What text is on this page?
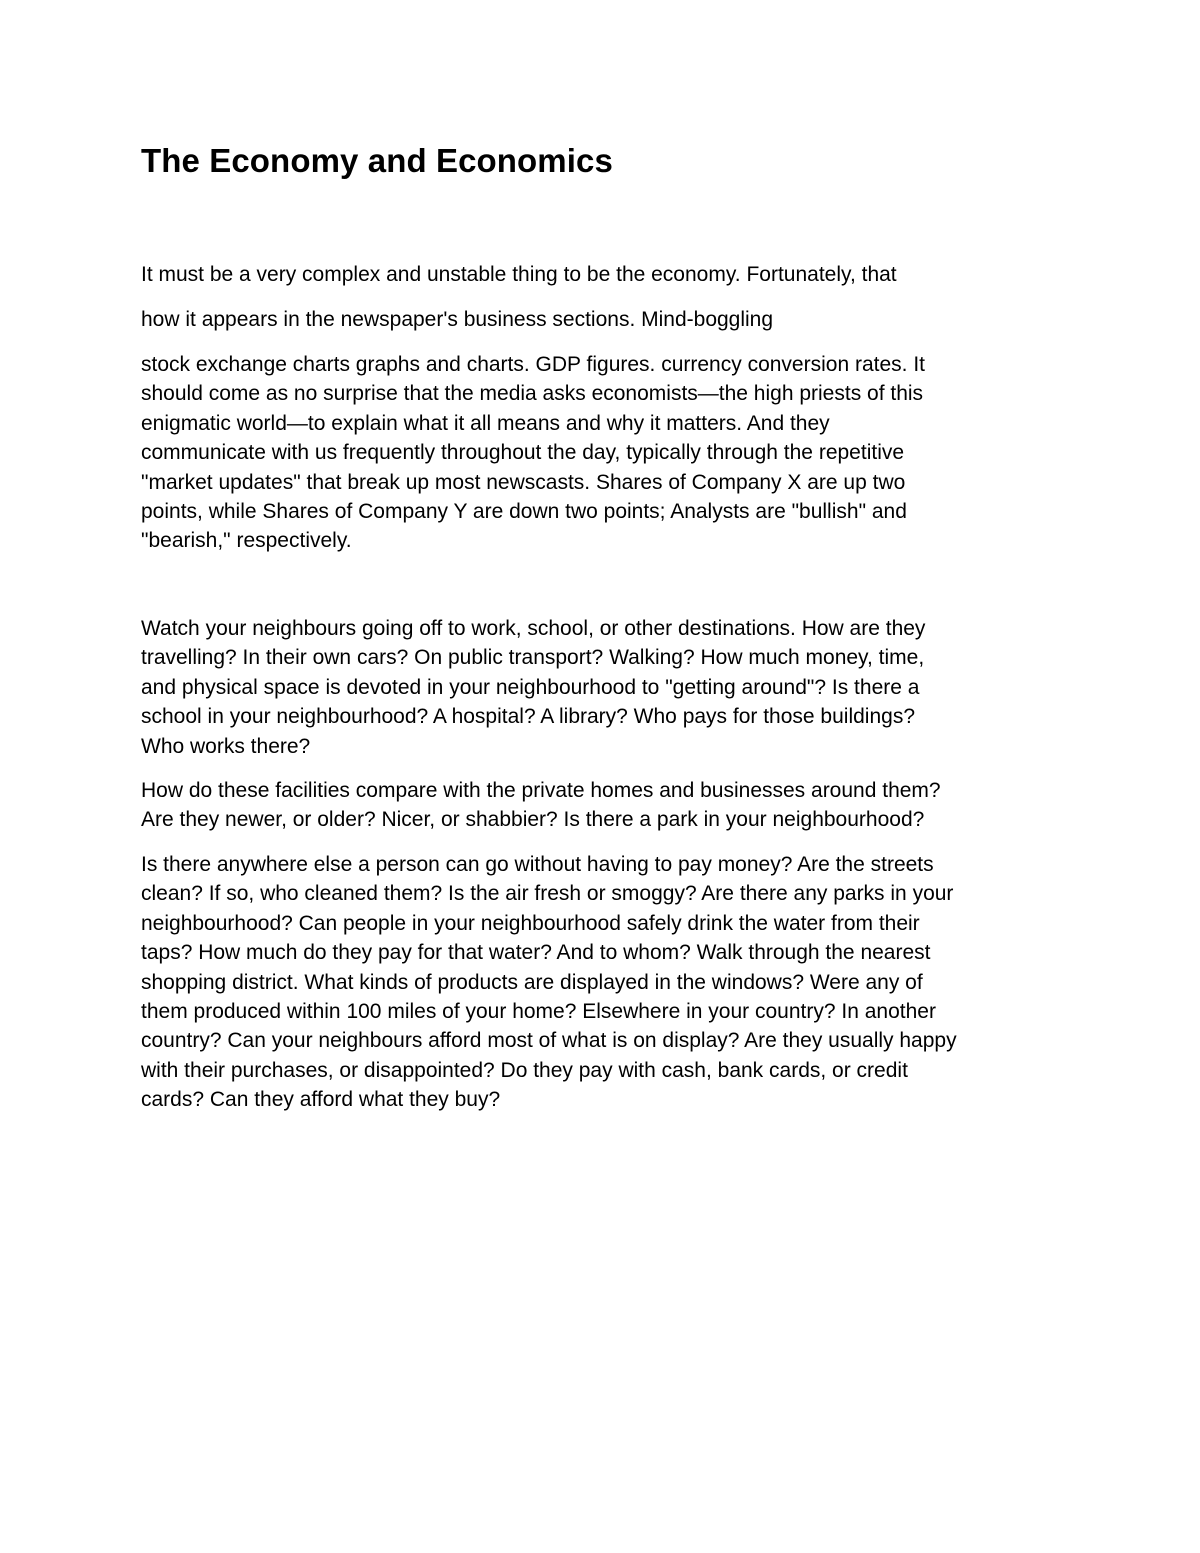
The Economy and Economics

It must be a very complex and unstable thing to be the economy. Fortunately, that

how it appears in the newspaper's business sections. Mind-boggling

stock exchange charts graphs and charts. GDP figures. currency conversion rates. It
should come as no surprise that the media asks economists—the high priests of this
enigmatic world—to explain what it all means and why it matters. And they
communicate with us frequently throughout the day, typically through the repetitive
"market updates" that break up most newscasts. Shares of Company X are up two
points, while Shares of Company Y are down two points; Analysts are "bullish" and
"bearish," respectively.

Watch your neighbours going off to work, school, or other destinations. How are they
travelling? In their own cars? On public transport? Walking? How much money, time,
and physical space is devoted in your neighbourhood to "getting around"? Is there a
school in your neighbourhood? A hospital? A library? Who pays for those buildings?
Who works there?

How do these facilities compare with the private homes and businesses around them?
Are they newer, or older? Nicer, or shabbier? Is there a park in your neighbourhood?

Is there anywhere else a person can go without having to pay money? Are the streets
clean? If so, who cleaned them? Is the air fresh or smoggy? Are there any parks in your
neighbourhood? Can people in your neighbourhood safely drink the water from their
taps? How much do they pay for that water? And to whom? Walk through the nearest
shopping district. What kinds of products are displayed in the windows? Were any of
them produced within 100 miles of your home? Elsewhere in your country? In another
country? Can your neighbours afford most of what is on display? Are they usually happy
with their purchases, or disappointed? Do they pay with cash, bank cards, or credit
cards? Can they afford what they buy?
